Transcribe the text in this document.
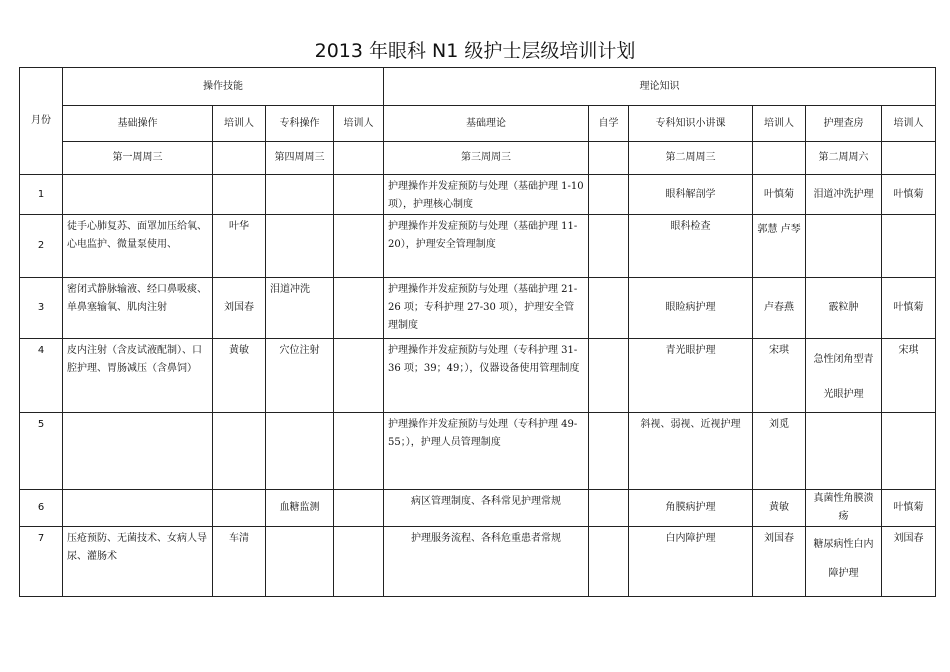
2013 年眼科 N1 级护士层级培训计划
月份	操作技能				理论知识					
	基础操作	培训人	专科操作	培训人	基础理论	自学	专科知识小讲课	培训人	护理查房	培训人
	第一周周三		第四周周三		第三周周三		第二周周三		第二周周六	
1					护理操作并发症预防与处理（基础护理 1-10 项），护理核心制度		眼科解剖学	叶慎菊	泪道冲洗护理	叶慎菊
2	徒手心肺复苏、面罩加压给氧、心电监护、微量泵使用、	叶华			护理操作并发症预防与处理（基础护理 11-20），护理安全管理制度		眼科检查	郭慧 卢琴		
3	密闭式静脉输液、经口鼻吸痰、单鼻塞输氧、肌肉注射	刘国春	泪道冲洗		护理操作并发症预防与处理（基础护理 21-26 项；专科护理 27-30 项），护理安全管理制度		眼睑病护理	卢春燕	霰粒肿	叶慎菊
4	皮内注射（含皮试液配制）、口腔护理、胃肠减压（含鼻饲）	黄敏	穴位注射		护理操作并发症预防与处理（专科护理 31-36 项；39；49；），仪器设备使用管理制度		青光眼护理	宋琪	急性闭角型青光眼护理	宋琪
5					护理操作并发症预防与处理（专科护理 49-55；），护理人员管理制度		斜视、弱视、近视护理	刘觅		
6			血糖监测		病区管理制度、各科常见护理常规		角膜病护理	黄敏	真菌性角膜溃疡	叶慎菊
7	压疮预防、无菌技术、女病人导尿、灌肠术	车清			护理服务流程、各科危重患者常规		白内障护理	刘国春	糖尿病性白内障护理	刘国春
